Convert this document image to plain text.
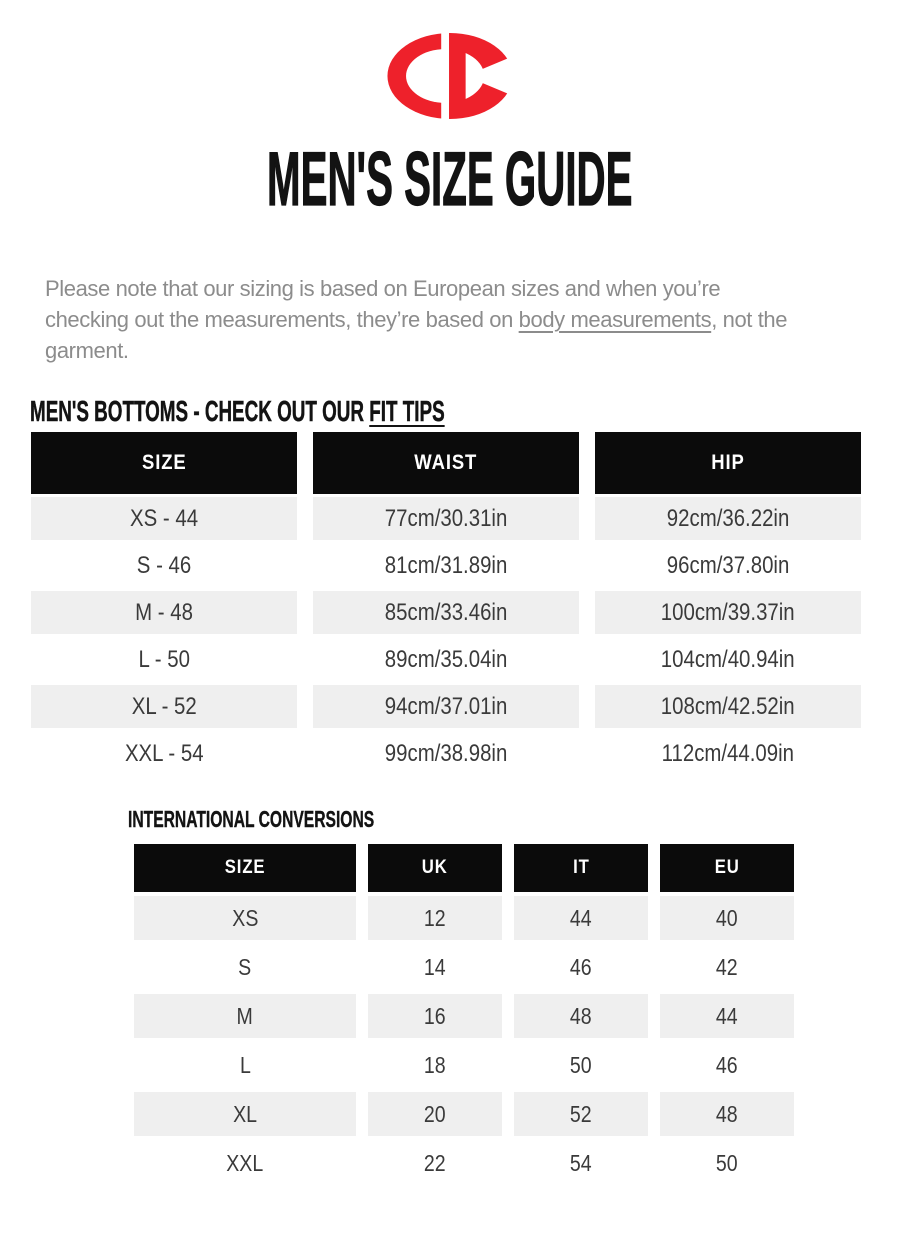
MEN'S SIZE GUIDE
Please note that our sizing is based on European sizes and when you’re
checking out the measurements, they’re based on body measurements, not the
garment.
MEN'S BOTTOMS - CHECK OUT OUR FIT TIPS
SIZE	WAIST	HIP
XS - 44	77cm/30.31in	92cm/36.22in
S - 46	81cm/31.89in	96cm/37.80in
M - 48	85cm/33.46in	100cm/39.37in
L - 50	89cm/35.04in	104cm/40.94in
XL - 52	94cm/37.01in	108cm/42.52in
XXL - 54	99cm/38.98in	112cm/44.09in
INTERNATIONAL CONVERSIONS
SIZE	UK	IT	EU
XS	12	44	40
S	14	46	42
M	16	48	44
L	18	50	46
XL	20	52	48
XXL	22	54	50
